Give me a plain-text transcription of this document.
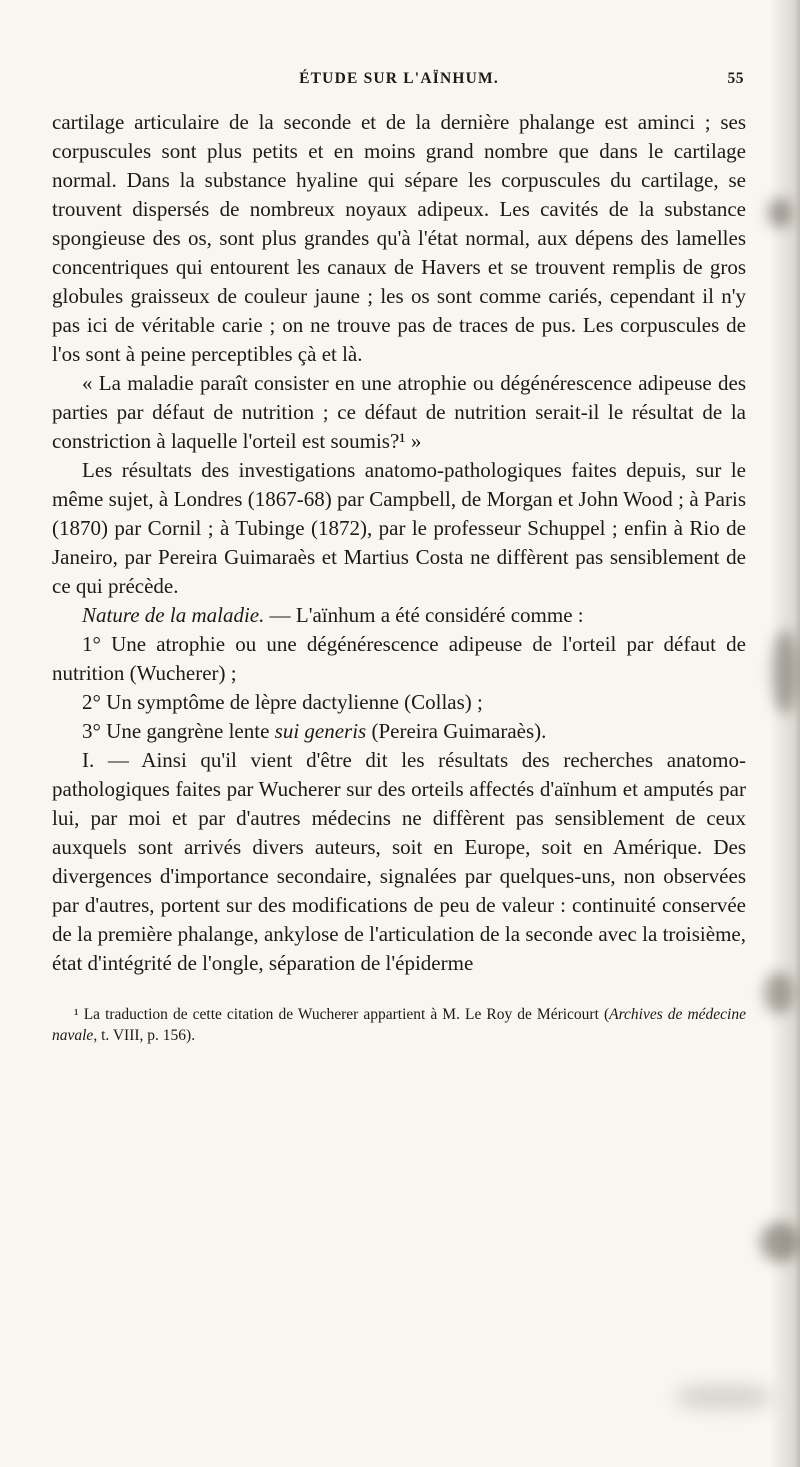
ÉTUDE SUR L'AÏNHUM.	55

cartilage articulaire de la seconde et de la dernière phalange est aminci ; ses corpuscules sont plus petits et en moins grand nombre que dans le cartilage normal. Dans la substance hyaline qui sépare les corpuscules du cartilage, se trouvent dispersés de nombreux noyaux adipeux. Les cavités de la substance spongieuse des os, sont plus grandes qu'à l'état normal, aux dépens des lamelles concentriques qui entourent les canaux de Havers et se trouvent remplis de gros globules graisseux de couleur jaune ; les os sont comme cariés, cependant il n'y pas ici de véritable carie ; on ne trouve pas de traces de pus. Les corpuscules de l'os sont à peine perceptibles çà et là.

« La maladie paraît consister en une atrophie ou dégénérescence adipeuse des parties par défaut de nutrition ; ce défaut de nutrition serait-il le résultat de la constriction à laquelle l'orteil est soumis?¹ »

Les résultats des investigations anatomo-pathologiques faites depuis, sur le même sujet, à Londres (1867-68) par Campbell, de Morgan et John Wood ; à Paris (1870) par Cornil ; à Tubinge (1872), par le professeur Schuppel ; enfin à Rio de Janeiro, par Pereira Guimaraès et Martius Costa ne diffèrent pas sensiblement de ce qui précède.

Nature de la maladie. — L'aïnhum a été considéré comme :

1° Une atrophie ou une dégénérescence adipeuse de l'orteil par défaut de nutrition (Wucherer) ;

2° Un symptôme de lèpre dactylienne (Collas) ;

3° Une gangrène lente sui generis (Pereira Guimaraès).

I. — Ainsi qu'il vient d'être dit les résultats des recherches anatomo-pathologiques faites par Wucherer sur des orteils affectés d'aïnhum et amputés par lui, par moi et par d'autres médecins ne diffèrent pas sensiblement de ceux auxquels sont arrivés divers auteurs, soit en Europe, soit en Amérique. Des divergences d'importance secondaire, signalées par quelques-uns, non observées par d'autres, portent sur des modifications de peu de valeur : continuité conservée de la première phalange, ankylose de l'articulation de la seconde avec la troisième, état d'intégrité de l'ongle, séparation de l'épiderme

¹ La traduction de cette citation de Wucherer appartient à M. Le Roy de Méricourt (Archives de médecine navale, t. VIII, p. 156).
